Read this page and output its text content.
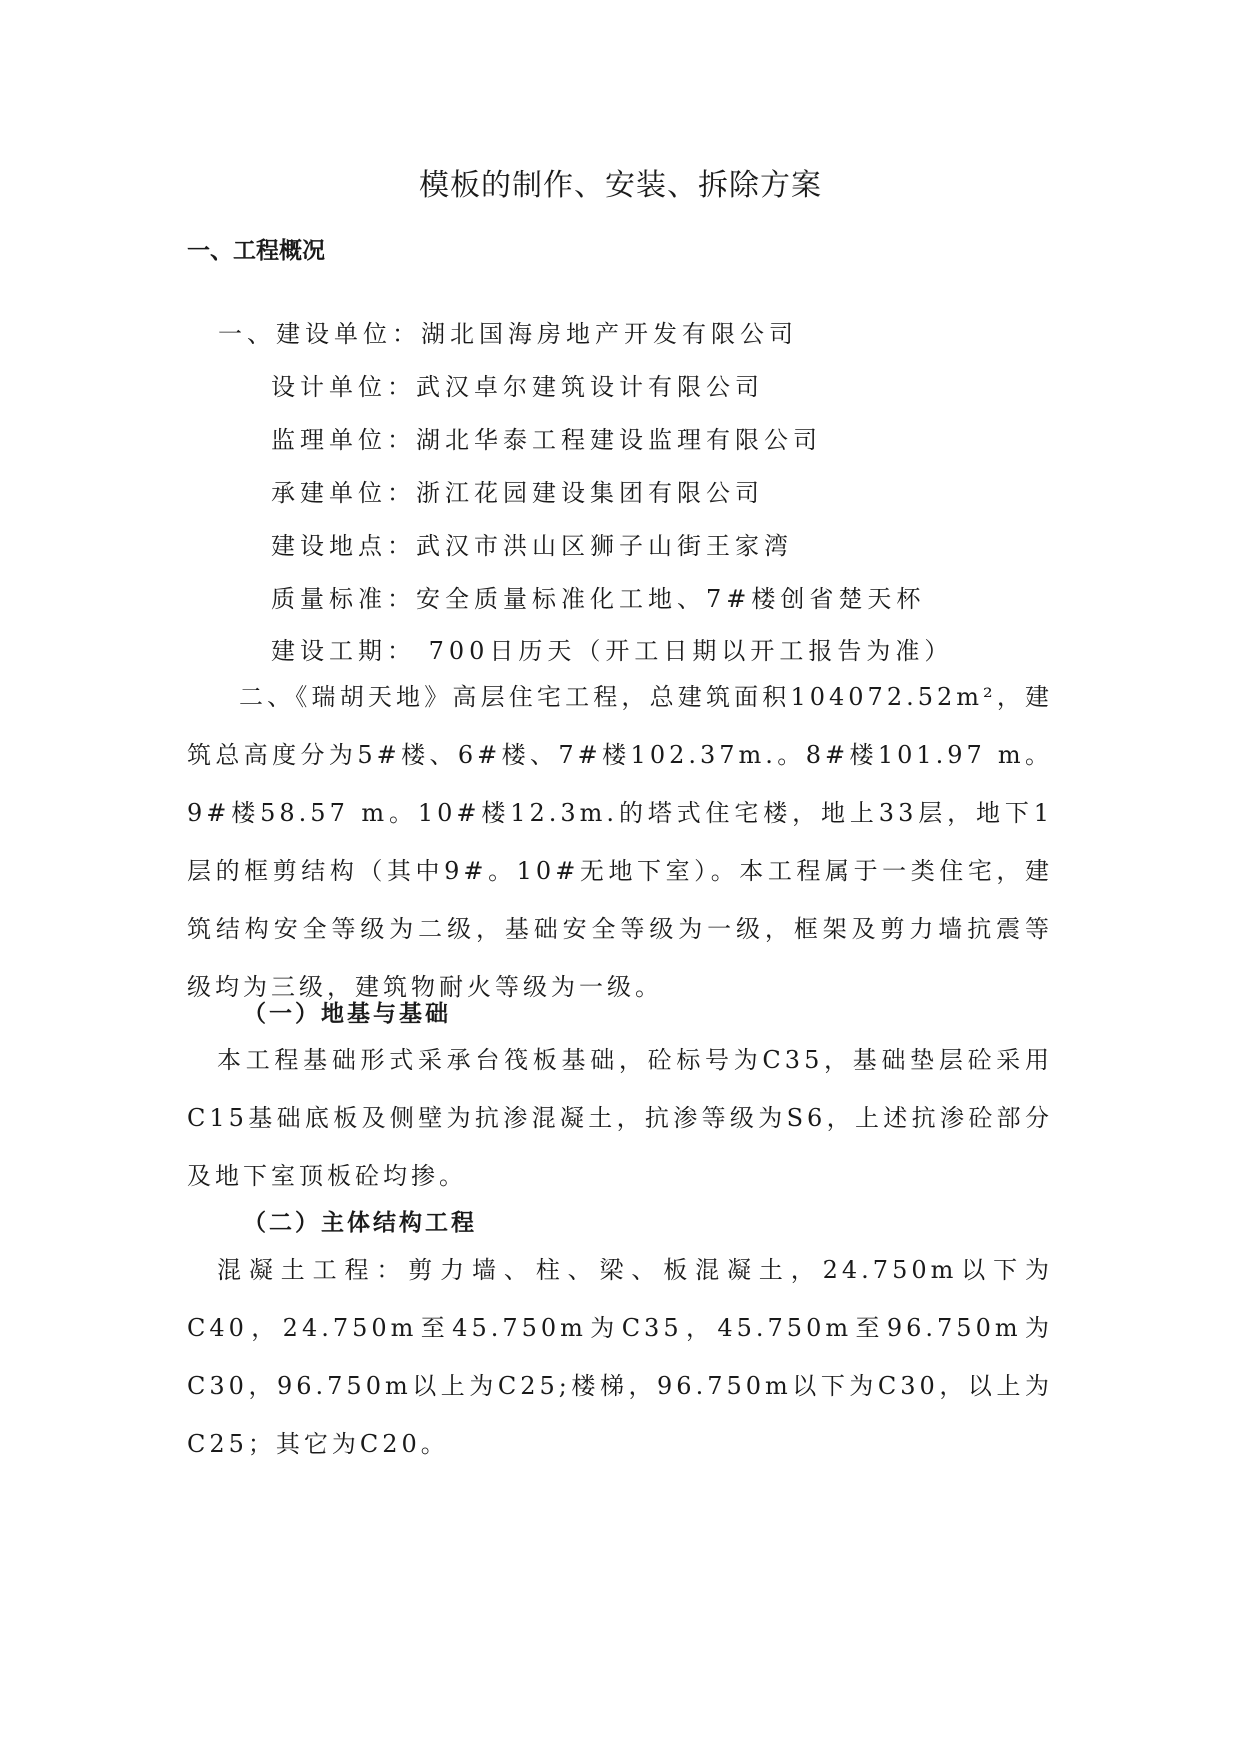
模板的制作、安装、拆除方案
一、工程概况
一、建设单位：湖北国海房地产开发有限公司
设计单位：武汉卓尔建筑设计有限公司
监理单位：湖北华泰工程建设监理有限公司
承建单位：浙江花园建设集团有限公司
建设地点：武汉市洪山区狮子山街王家湾
质量标准：安全质量标准化工地、7#楼创省楚天杯
建设工期： 700日历天（开工日期以开工报告为准）
二、《瑞胡天地》高层住宅工程，总建筑面积104072.52m²，建筑总高度分为5#楼、6#楼、7#楼102.37m.。8#楼101.97 m。9#楼58.57 m。10#楼12.3m.的塔式住宅楼，地上33层，地下1层的框剪结构（其中9#。10#无地下室）。本工程属于一类住宅，建筑结构安全等级为二级，基础安全等级为一级，框架及剪力墙抗震等级均为三级，建筑物耐火等级为一级。
（一）地基与基础
本工程基础形式采承台筏板基础，砼标号为C35，基础垫层砼采用C15基础底板及侧壁为抗渗混凝土，抗渗等级为S6，上述抗渗砼部分及地下室顶板砼均掺。
（二）主体结构工程
混凝土工程：剪力墙、柱、梁、板混凝土，24.750m以下为C40，24.750m至45.750m为C35，45.750m至96.750m为C30，96.750m以上为C25;楼梯，96.750m以下为C30，以上为C25；其它为C20。
